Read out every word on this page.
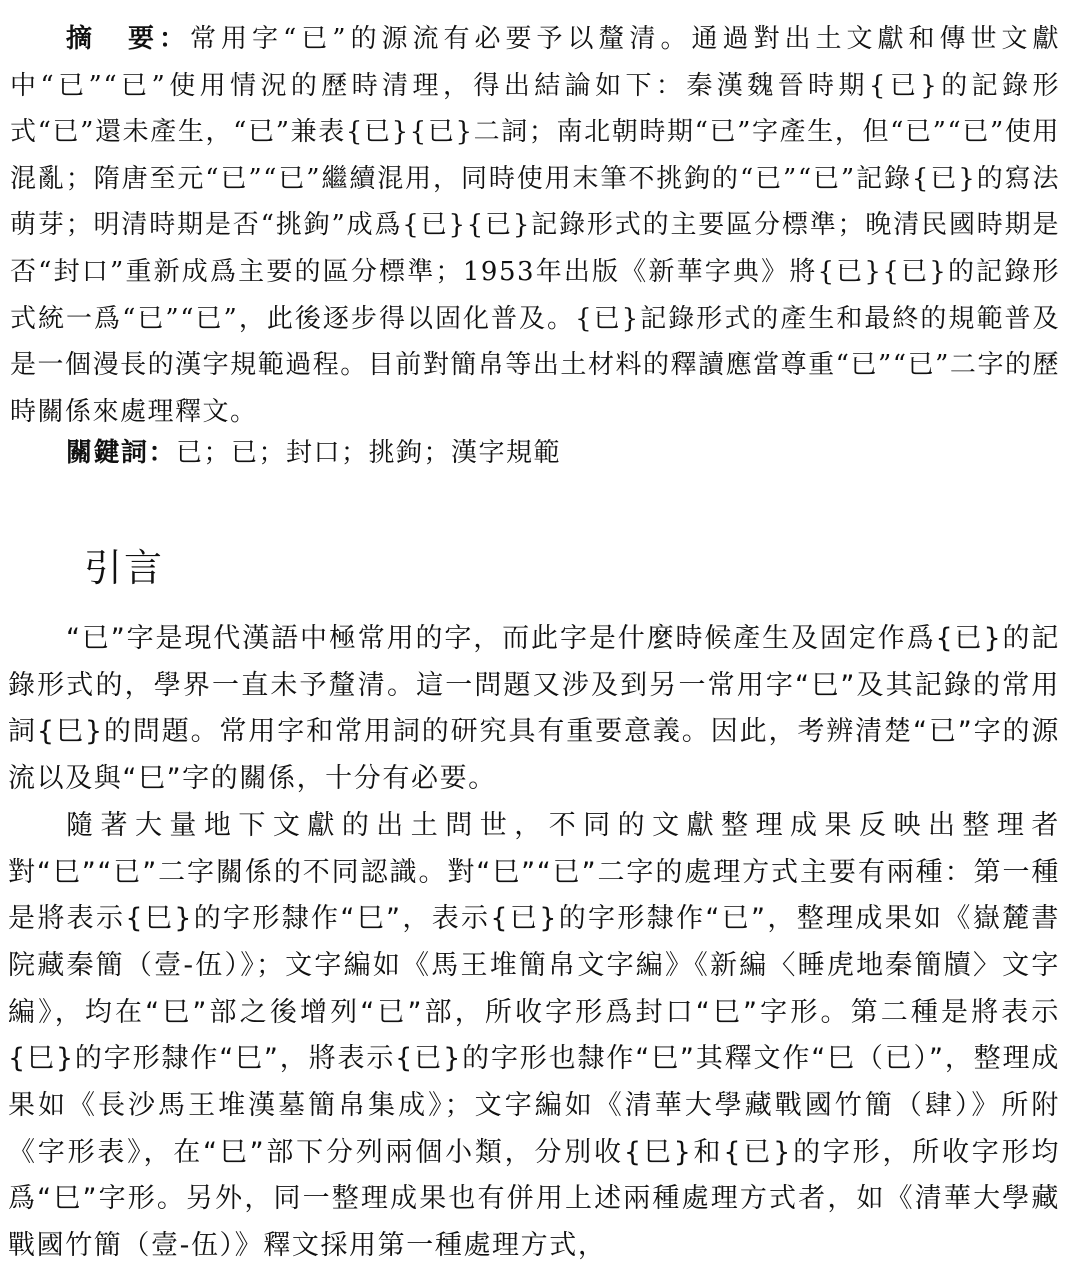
摘　要：常用字“已”的源流有必要予以釐清。通過對出土文獻和傳世文獻中“已”“已”使用情況的歷時清理，得出結論如下：秦漢魏晉時期{已}的記錄形式“已”還未產生，“已”兼表{已}{已}二詞；南北朝時期“已”字產生，但“已”“已”使用混亂；隋唐至元“已”“已”繼續混用，同時使用末筆不挑鉤的“已”“已”記錄{已}的寫法萌芽；明清時期是否“挑鉤”成爲{已}{已}記錄形式的主要區分標準；晚清民國時期是否“封口”重新成爲主要的區分標準；1953年出版《新華字典》將{已}{已}的記錄形式統一爲“已”“已”，此後逐步得以固化普及。{已}記錄形式的產生和最終的規範普及是一個漫長的漢字規範過程。目前對簡帛等出土材料的釋讀應當尊重“已”“已”二字的歷時關係來處理釋文。

關鍵詞：已；已；封口；挑鉤；漢字規範
引言

“已”字是現代漢語中極常用的字，而此字是什麼時候產生及固定作爲{已}的記錄形式的，學界一直未予釐清。這一問題又涉及到另一常用字“巳”及其記錄的常用詞{巳}的問題。常用字和常用詞的研究具有重要意義。因此，考辨清楚“已”字的源流以及與“巳”字的關係，十分有必要。

隨著大量地下文獻的出土問世，不同的文獻整理成果反映出整理者對“巳”“已”二字關係的不同認識。對“巳”“已”二字的處理方式主要有兩種：第一種是將表示{巳}的字形隸作“巳”，表示{已}的字形隸作“已”，整理成果如《嶽麓書院藏秦簡（壹-伍）》；文字編如《馬王堆簡帛文字編》《新編〈睡虎地秦簡牘〉文字編》，均在“巳”部之後增列“已”部，所收字形爲封口“巳”字形。第二種是將表示{巳}的字形隸作“巳”，將表示{已}的字形也隸作“巳”其釋文作“巳（已）”，整理成果如《長沙馬王堆漢墓簡帛集成》；文字編如《清華大學藏戰國竹簡（肆）》所附《字形表》，在“巳”部下分列兩個小類，分別收{巳}和{已}的字形，所收字形均爲“巳”字形。另外，同一整理成果也有併用上述兩種處理方式者，如《清華大學藏戰國竹簡（壹-伍）》釋文採用第一種處理方式，
